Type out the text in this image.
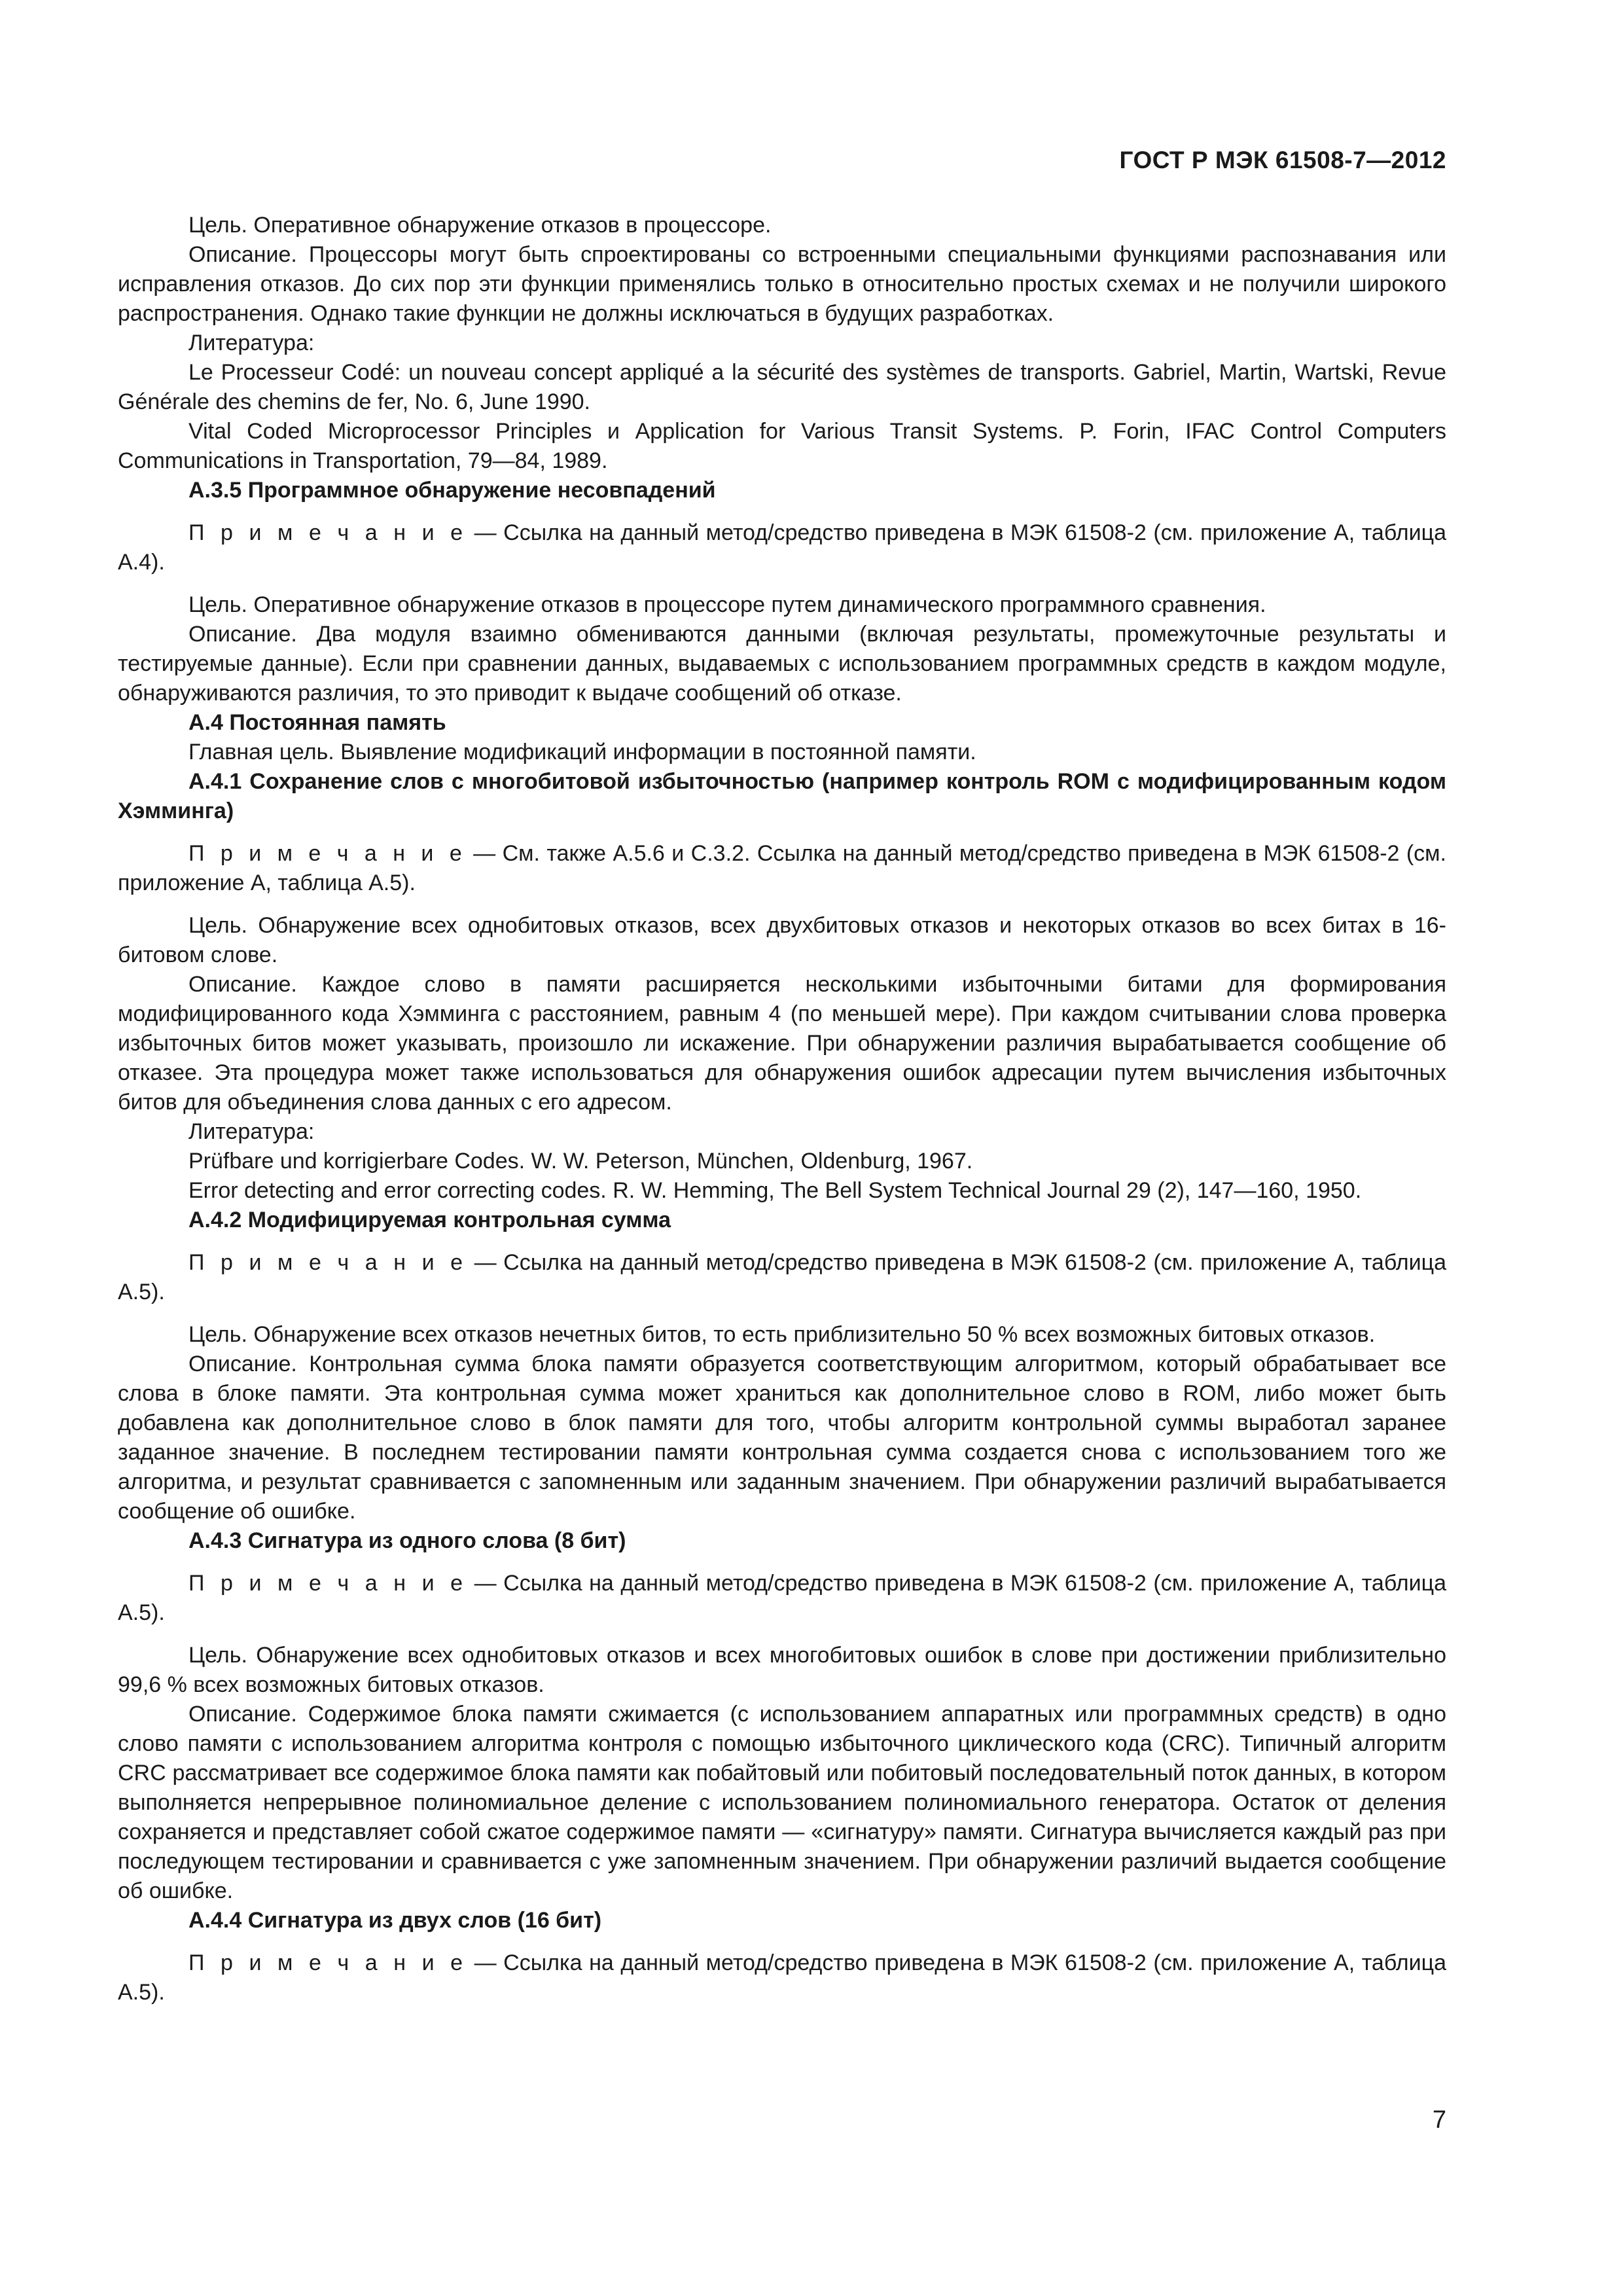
ГОСТ Р МЭК 61508-7—2012

Цель. Оперативное обнаружение отказов в процессоре.

Описание. Процессоры могут быть спроектированы со встроенными специальными функциями распознавания или исправления отказов. До сих пор эти функции применялись только в относительно простых схемах и не получили широкого распространения. Однако такие функции не должны исключаться в будущих разработках.

Литература:

Le Processeur Codé: un nouveau concept appliqué a la sécurité des systèmes de transports. Gabriel, Martin, Wartski, Revue Générale des chemins de fer, No. 6, June 1990.

Vital Coded Microprocessor Principles и Application for Various Transit Systems. P. Forin, IFAC Control Computers Communications in Transportation, 79—84, 1989.

А.3.5 Программное обнаружение несовпадений

П р и м е ч а н и е — Ссылка на данный метод/средство приведена в МЭК 61508-2 (см. приложение А, таблица А.4).

Цель. Оперативное обнаружение отказов в процессоре путем динамического программного сравнения.

Описание. Два модуля взаимно обмениваются данными (включая результаты, промежуточные результаты и тестируемые данные). Если при сравнении данных, выдаваемых с использованием программных средств в каждом модуле, обнаруживаются различия, то это приводит к выдаче сообщений об отказе.

А.4 Постоянная память

Главная цель. Выявление модификаций информации в постоянной памяти.

А.4.1 Сохранение слов с многобитовой избыточностью (например контроль ROM с модифицированным кодом Хэмминга)

П р и м е ч а н и е — См. также А.5.6 и С.3.2. Ссылка на данный метод/средство приведена в МЭК 61508-2 (см. приложение А, таблица А.5).

Цель. Обнаружение всех однобитовых отказов, всех двухбитовых отказов и некоторых отказов во всех битах в 16-битовом слове.

Описание. Каждое слово в памяти расширяется несколькими избыточными битами для формирования модифицированного кода Хэмминга с расстоянием, равным 4 (по меньшей мере). При каждом считывании слова проверка избыточных битов может указывать, произошло ли искажение. При обнаружении различия вырабатывается сообщение об отказее. Эта процедура может также использоваться для обнаружения ошибок адресации путем вычисления избыточных битов для объединения слова данных с его адресом.

Литература:

Prüfbare und korrigierbare Codes. W. W. Peterson, München, Oldenburg, 1967.

Error detecting and error correcting codes. R. W. Hemming, The Bell System Technical Journal 29 (2), 147—160, 1950.

А.4.2 Модифицируемая контрольная сумма

П р и м е ч а н и е — Ссылка на данный метод/средство приведена в МЭК 61508-2 (см. приложение А, таблица А.5).

Цель. Обнаружение всех отказов нечетных битов, то есть приблизительно 50 % всех возможных битовых отказов.

Описание. Контрольная сумма блока памяти образуется соответствующим алгоритмом, который обрабатывает все слова в блоке памяти. Эта контрольная сумма может храниться как дополнительное слово в ROM, либо может быть добавлена как дополнительное слово в блок памяти для того, чтобы алгоритм контрольной суммы выработал заранее заданное значение. В последнем тестировании памяти контрольная сумма создается снова с использованием того же алгоритма, и результат сравнивается с запомненным или заданным значением. При обнаружении различий вырабатывается сообщение об ошибке.

А.4.3 Сигнатура из одного слова (8 бит)

П р и м е ч а н и е — Ссылка на данный метод/средство приведена в МЭК 61508-2 (см. приложение А, таблица А.5).

Цель. Обнаружение всех однобитовых отказов и всех многобитовых ошибок в слове при достижении приблизительно 99,6 % всех возможных битовых отказов.

Описание. Содержимое блока памяти сжимается (с использованием аппаратных или программных средств) в одно слово памяти с использованием алгоритма контроля с помощью избыточного циклического кода (CRC). Типичный алгоритм CRC рассматривает все содержимое блока памяти как побайтовый или побитовый последовательный поток данных, в котором выполняется непрерывное полиномиальное деление с использованием полиномиального генератора. Остаток от деления сохраняется и представляет собой сжатое содержимое памяти — «сигнатуру» памяти. Сигнатура вычисляется каждый раз при последующем тестировании и сравнивается с уже запомненным значением. При обнаружении различий выдается сообщение об ошибке.

А.4.4 Сигнатура из двух слов (16 бит)

П р и м е ч а н и е — Ссылка на данный метод/средство приведена в МЭК 61508-2 (см. приложение А, таблица А.5).

7
